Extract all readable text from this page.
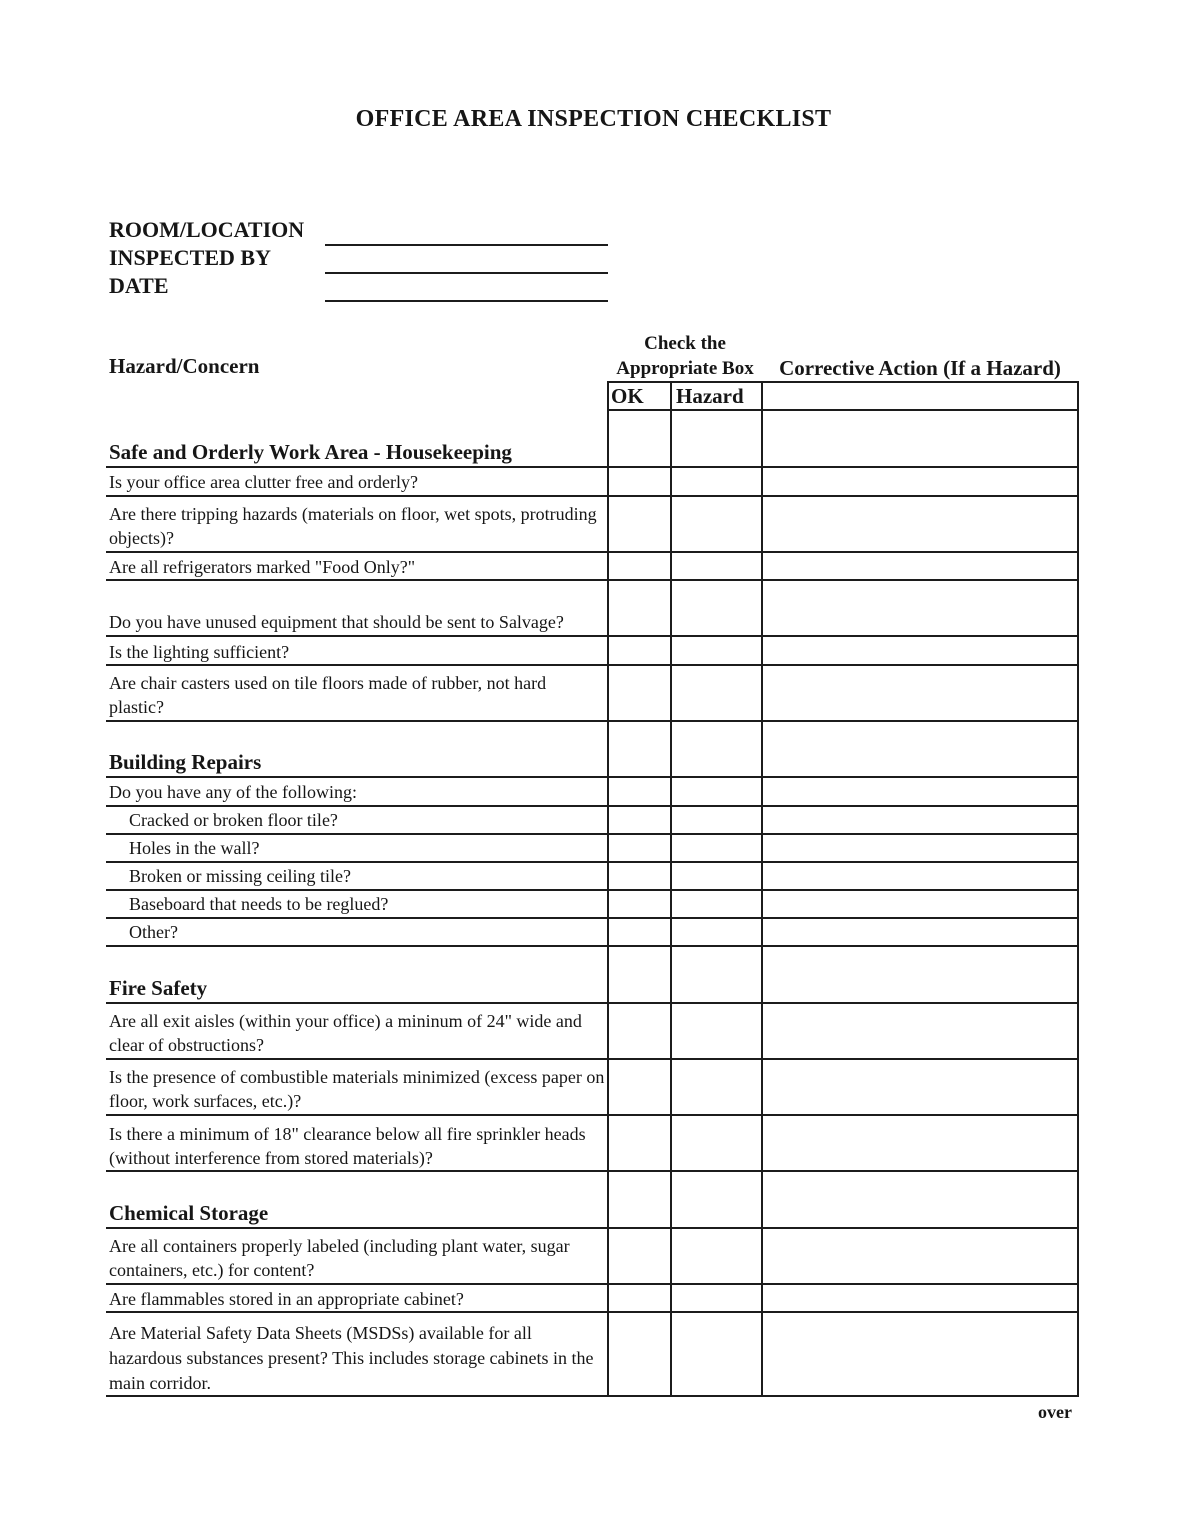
OFFICE AREA INSPECTION CHECKLIST
ROOM/LOCATION
INSPECTED BY
DATE
Hazard/Concern
Check the
Appropriate Box	Corrective Action (If a Hazard)
OK Hazard
Safe and Orderly Work Area - Housekeeping
Is your office area clutter free and orderly?
Are there tripping hazards (materials on floor, wet spots, protruding objects)?
Are all refrigerators marked "Food Only?"
Do you have unused equipment that should be sent to Salvage?
Is the lighting sufficient?
Are chair casters used on tile floors made of rubber, not hard plastic?
Building Repairs
Do you have any of the following:
Cracked or broken floor tile?
Holes in the wall?
Broken or missing ceiling tile?
Baseboard that needs to be reglued?
Other?
Fire Safety
Are all exit aisles (within your office) a mininum of 24" wide and clear of obstructions?
Is the presence of combustible materials minimized (excess paper on floor, work surfaces, etc.)?
Is there a minimum of 18" clearance below all fire sprinkler heads (without interference from stored materials)?
Chemical Storage
Are all containers properly labeled (including plant water, sugar containers, etc.) for content?
Are flammables stored in an appropriate cabinet?
Are Material Safety Data Sheets (MSDSs) available for all hazardous substances present? This includes storage cabinets in the main corridor.
over
